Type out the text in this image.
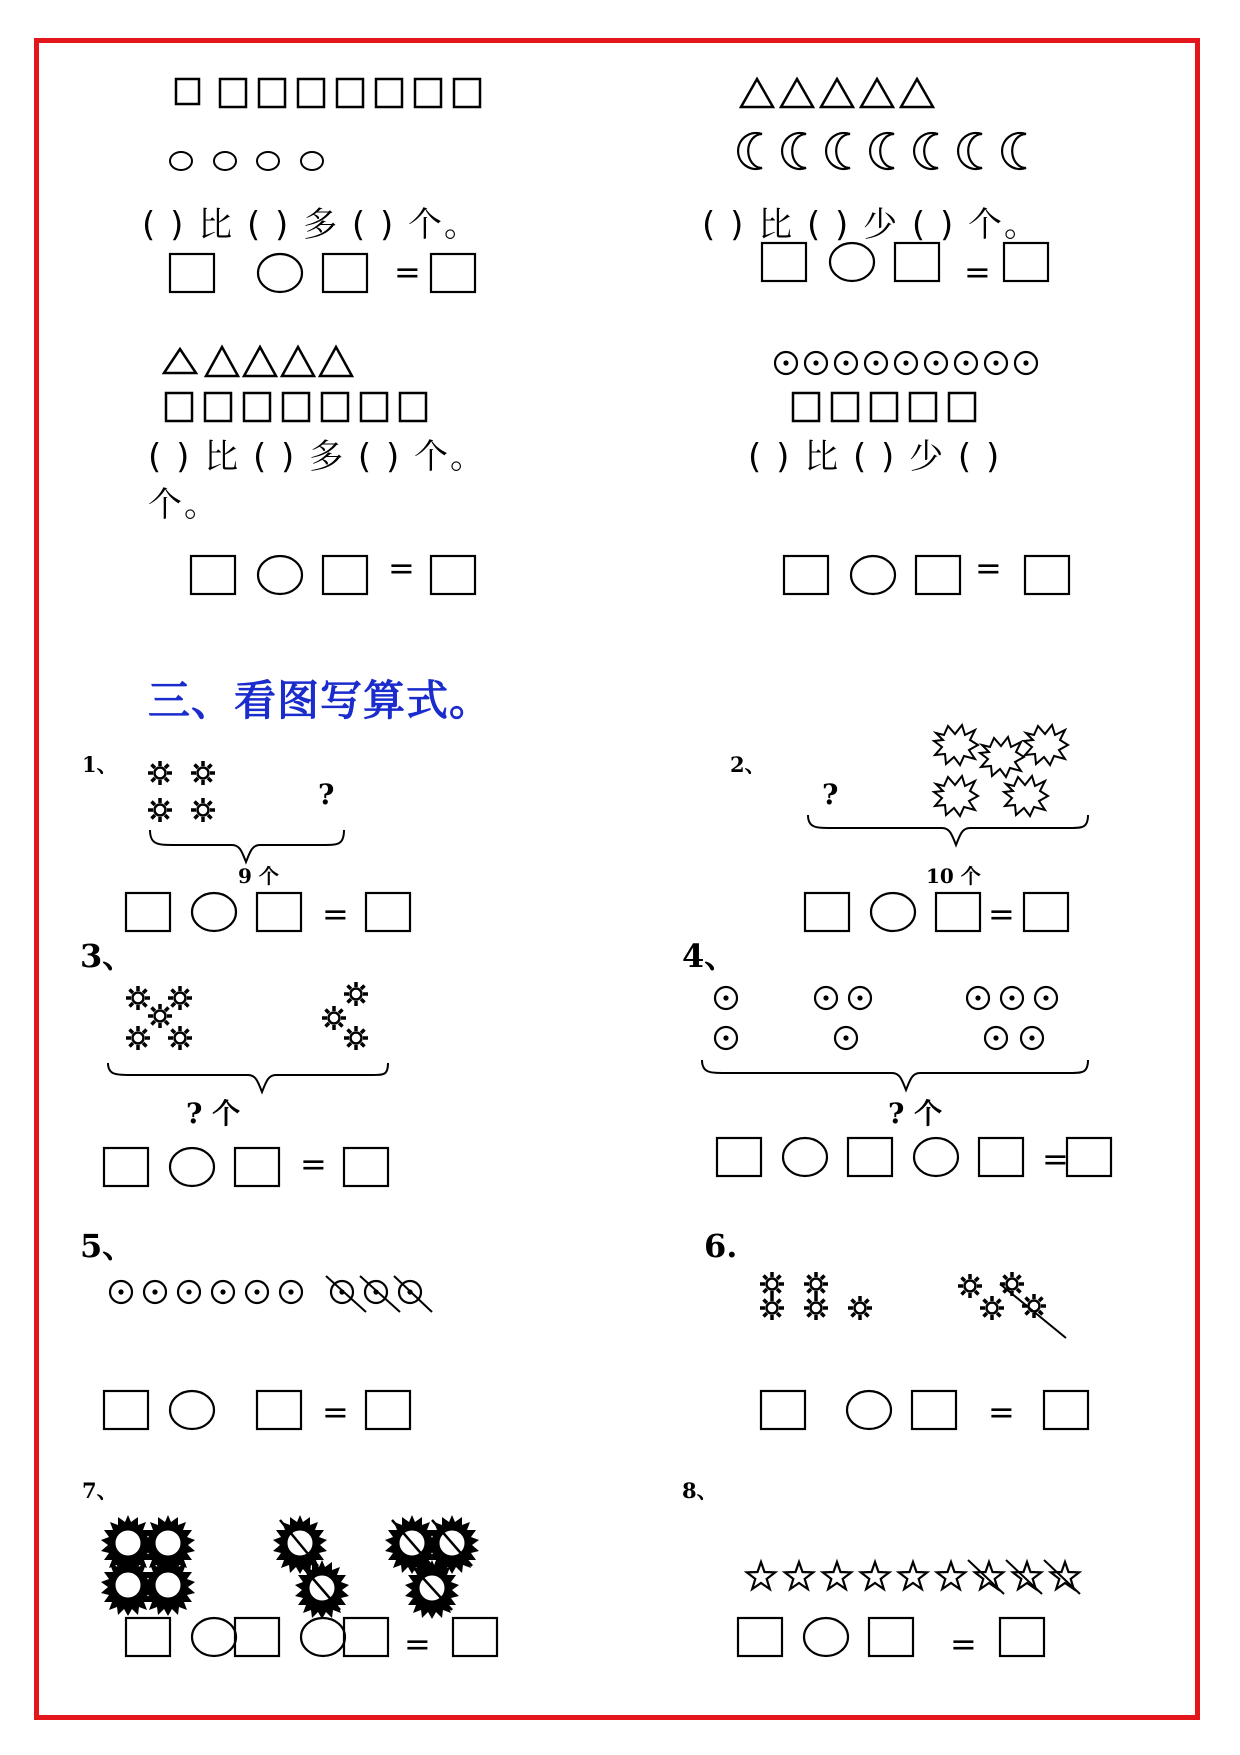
( ) 比 ( ) 多 ( ) 个。	( ) 比 ( ) 少 ( ) 个。
( ) 比 ( ) 多 ( ) 个。
个。
( ) 比 ( ) 少 ( )
=	=
=	=
三、看图写算式。
1、	2、
3、	4、
5、	6.
7、	8、
?
9 个
?
10 个
? 个	? 个
=	=
=	=
=	=
=	=
